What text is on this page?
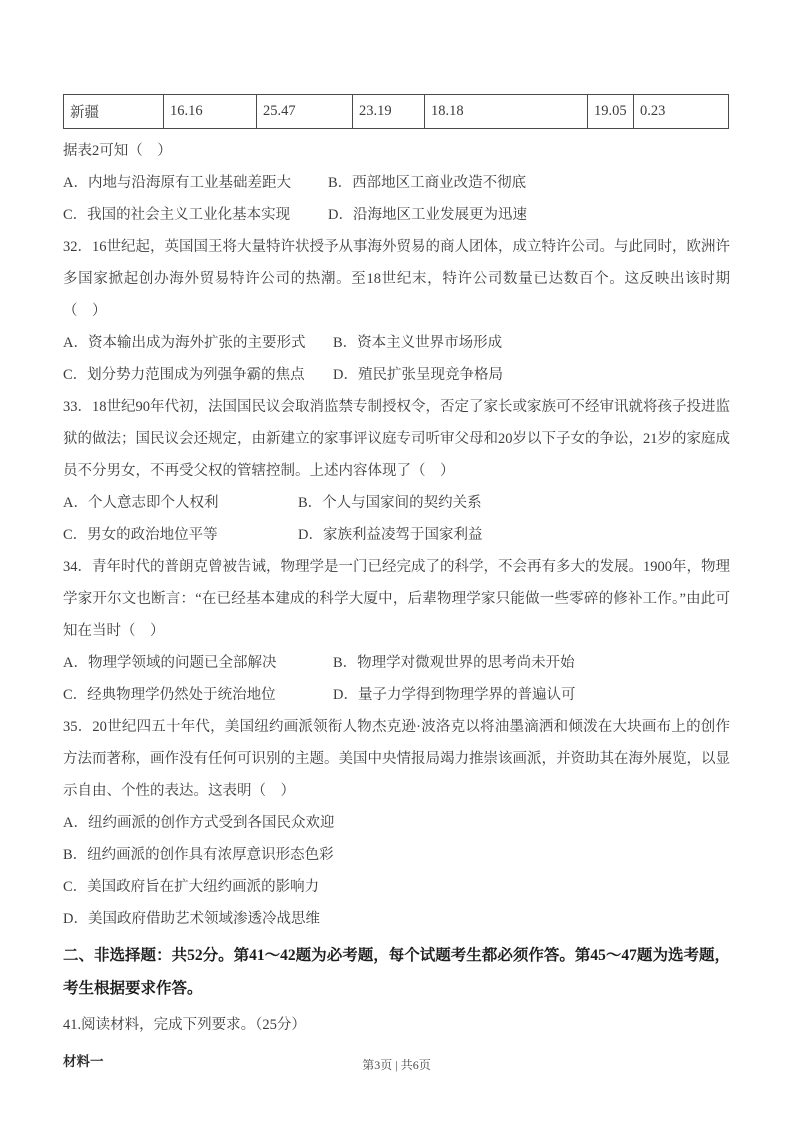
新疆	16.16	25.47	23.19	18.18	19.05	0.23

据表2可知（　）

A．内地与沿海原有工业基础差距大	B．西部地区工商业改造不彻底
C．我国的社会主义工业化基本实现	D．沿海地区工业发展更为迅速

32．16世纪起，英国国王将大量特许状授予从事海外贸易的商人团体，成立特许公司。与此同时，欧洲许多国家掀起创办海外贸易特许公司的热潮。至18世纪末，特许公司数量已达数百个。这反映出该时期（　）

A．资本输出成为海外扩张的主要形式	B．资本主义世界市场形成
C．划分势力范围成为列强争霸的焦点	D．殖民扩张呈现竞争格局

33．18世纪90年代初，法国国民议会取消监禁专制授权令，否定了家长或家族可不经审讯就将孩子投进监狱的做法；国民议会还规定，由新建立的家事评议庭专司听审父母和20岁以下子女的争讼，21岁的家庭成员不分男女，不再受父权的管辖控制。上述内容体现了（　）

A．个人意志即个人权利	B．个人与国家间的契约关系
C．男女的政治地位平等	D．家族利益凌驾于国家利益

34．青年时代的普朗克曾被告诫，物理学是一门已经完成了的科学，不会再有多大的发展。1900年，物理学家开尔文也断言：“在已经基本建成的科学大厦中，后辈物理学家只能做一些零碎的修补工作。”由此可知在当时（　）

A．物理学领域的问题已全部解决	B．物理学对微观世界的思考尚未开始
C．经典物理学仍然处于统治地位	D．量子力学得到物理学界的普遍认可

35．20世纪四五十年代，美国纽约画派领衔人物杰克逊·波洛克以将油墨滴洒和倾泼在大块画布上的创作方法而著称，画作没有任何可识别的主题。美国中央情报局竭力推崇该画派，并资助其在海外展览，以显示自由、个性的表达。这表明（　）

A．纽约画派的创作方式受到各国民众欢迎

B．纽约画派的创作具有浓厚意识形态色彩

C．美国政府旨在扩大纽约画派的影响力

D．美国政府借助艺术领域渗透冷战思维

二、非选择题：共52分。第41～42题为必考题，每个试题考生都必须作答。第45～47题为选考题，考生根据要求作答。

41.阅读材料，完成下列要求。（25分）

材料一	第3页 | 共6页
